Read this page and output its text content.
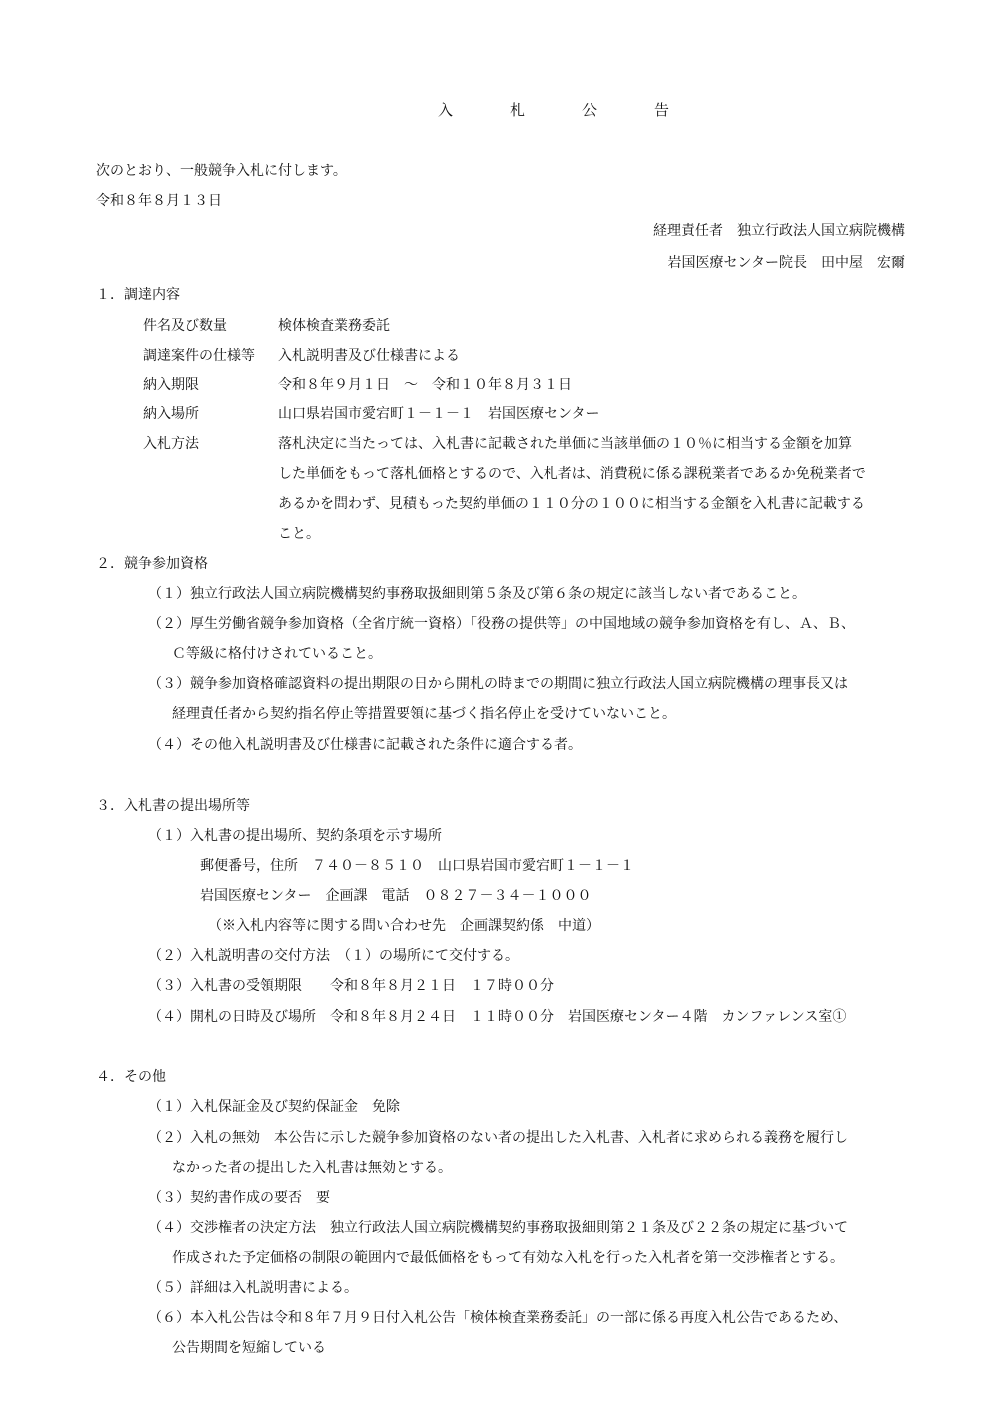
入　札　公　告
次のとおり、一般競争入札に付します。
令和８年８月１３日
経理責任者　独立行政法人国立病院機構
岩国医療センター院長　田中屋　宏爾
１．調達内容
件名及び数量	検体検査業務委託
調達案件の仕様等 入札説明書及び仕様書による
納入期限	令和８年９月１日　～　令和１０年８月３１日
納入場所	山口県岩国市愛宕町１－１－１　岩国医療センター
入札方法	落札決定に当たっては、入札書に記載された単価に当該単価の１０％に相当する金額を加算
した単価をもって落札価格とするので、入札者は、消費税に係る課税業者であるか免税業者で
あるかを問わず、見積もった契約単価の１１０分の１００に相当する金額を入札書に記載する
こと。
２．競争参加資格
（１）独立行政法人国立病院機構契約事務取扱細則第５条及び第６条の規定に該当しない者であること。
（２）厚生労働省競争参加資格（全省庁統一資格）「役務の提供等」の中国地域の競争参加資格を有し、Ａ、Ｂ、
Ｃ等級に格付けされていること。
（３）競争参加資格確認資料の提出期限の日から開札の時までの期間に独立行政法人国立病院機構の理事長又は
経理責任者から契約指名停止等措置要領に基づく指名停止を受けていないこと。
（４）その他入札説明書及び仕様書に記載された条件に適合する者。
３．入札書の提出場所等
（１）入札書の提出場所、契約条項を示す場所
郵便番号，住所　７４０－８５１０　山口県岩国市愛宕町１－１－１
岩国医療センター　企画課　電話　０８２７－３４－１０００
（※入札内容等に関する問い合わせ先　企画課契約係　中道）
（２）入札説明書の交付方法　（１）の場所にて交付する。
（３）入札書の受領期限　　令和８年８月２１日　１７時００分
（４）開札の日時及び場所　令和８年８月２４日　１１時００分　岩国医療センター４階　カンファレンス室①
４．その他
（１）入札保証金及び契約保証金　免除
（２）入札の無効　本公告に示した競争参加資格のない者の提出した入札書、入札者に求められる義務を履行し
なかった者の提出した入札書は無効とする。
（３）契約書作成の要否　要
（４）交渉権者の決定方法　独立行政法人国立病院機構契約事務取扱細則第２１条及び２２条の規定に基づいて
作成された予定価格の制限の範囲内で最低価格をもって有効な入札を行った入札者を第一交渉権者とする。
（５）詳細は入札説明書による。
（６）本入札公告は令和８年７月９日付入札公告「検体検査業務委託」の一部に係る再度入札公告であるため、
公告期間を短縮している
